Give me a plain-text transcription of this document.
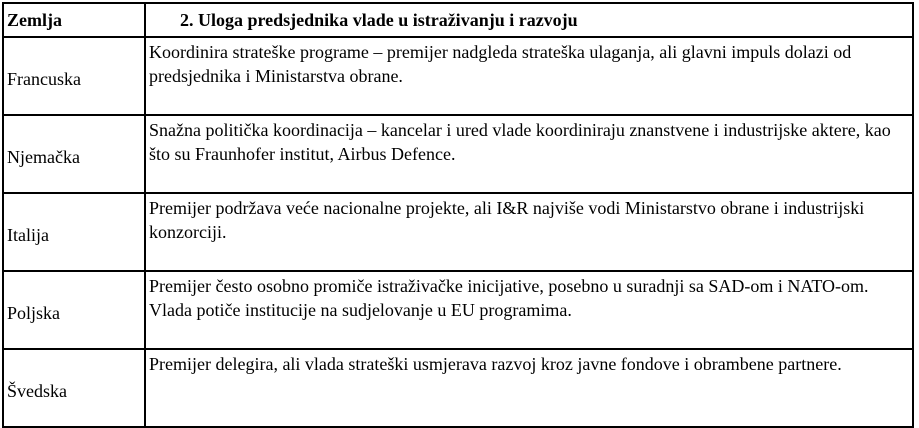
Zemlja	2. Uloga predsjednika vlade u istraživanju i razvoju
Francuska	Koordinira strateške programe – premijer nadgleda strateška ulaganja, ali glavni impuls dolazi od predsjednika i Ministarstva obrane.
Njemačka	Snažna politička koordinacija – kancelar i ured vlade koordiniraju znanstvene i industrijske aktere, kao što su Fraunhofer institut, Airbus Defence.
Italija	Premijer podržava veće nacionalne projekte, ali I&R najviše vodi Ministarstvo obrane i industrijski konzorciji.
Poljska	Premijer često osobno promiče istraživačke inicijative, posebno u suradnji sa SAD-om i NATO-om. Vlada potiče institucije na sudjelovanje u EU programima.
Švedska	Premijer delegira, ali vlada strateški usmjerava razvoj kroz javne fondove i obrambene partnere.
